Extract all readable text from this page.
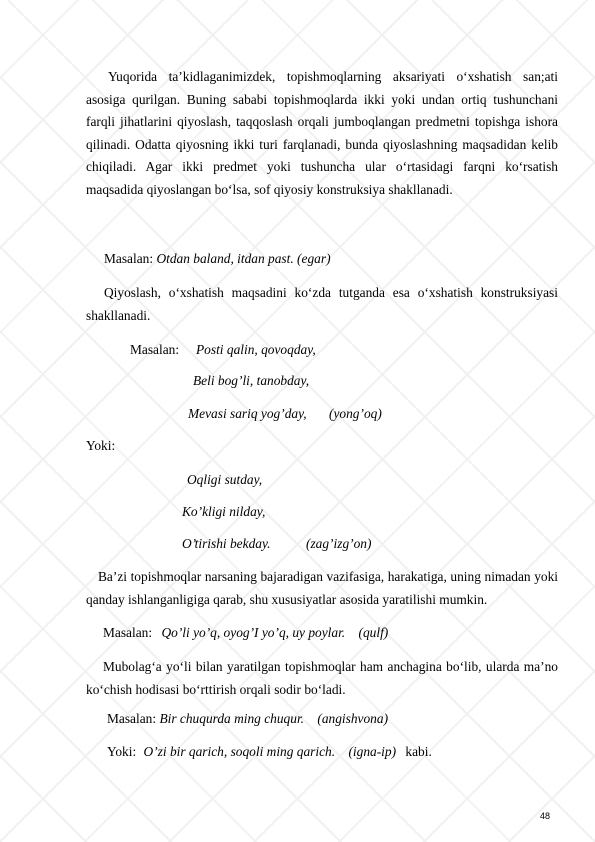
Yuqorida ta’kidlaganimizdek, topishmoqlarning aksariyati o‘xshatish san;ati asosiga qurilgan. Buning sababi topishmoqlarda ikki yoki undan ortiq tushunchani farqli jihatlarini qiyoslash, taqqoslash orqali jumboqlangan predmetni topishga ishora qilinadi. Odatta qiyosning ikki turi farqlanadi, bunda qiyoslashning maqsadidan kelib chiqiladi. Agar ikki predmet yoki tushuncha ular o‘rtasidagi farqni ko‘rsatish maqsadida qiyoslangan bo‘lsa, sof qiyosiy konstruksiya shakllanadi.
Masalan: Otdan baland, itdan past. (egar)
Qiyoslash, o‘xshatish maqsadini ko‘zda tutganda esa o‘xshatish konstruksiyasi shakllanadi.
Masalan: Posti qalin, qovoqday,
Beli bog’li, tanobday,
Mevasi sariq yog’day, (yong’oq)
Yoki:
Oqligi sutday,
Ko’kligi nilday,
O’tirishi bekday.	(zag’izg’on)
Ba’zi topishmoqlar narsaning bajaradigan vazifasiga, harakatiga, uning nimadan yoki qanday ishlanganligiga qarab, shu xususiyatlar asosida yaratilishi mumkin.
Masalan: Qo’li yo’q, oyog’I yo’q, uy poylar. (qulf)
Mubolag‘a yo‘li bilan yaratilgan topishmoqlar ham anchagina bo‘lib, ularda ma’no ko‘chish hodisasi bo‘rttirish orqali sodir bo‘ladi.
Masalan: Bir chuqurda ming chuqur. (angishvona)
Yoki: O’zi bir qarich, soqoli ming qarich. (igna-ip) kabi.
48
